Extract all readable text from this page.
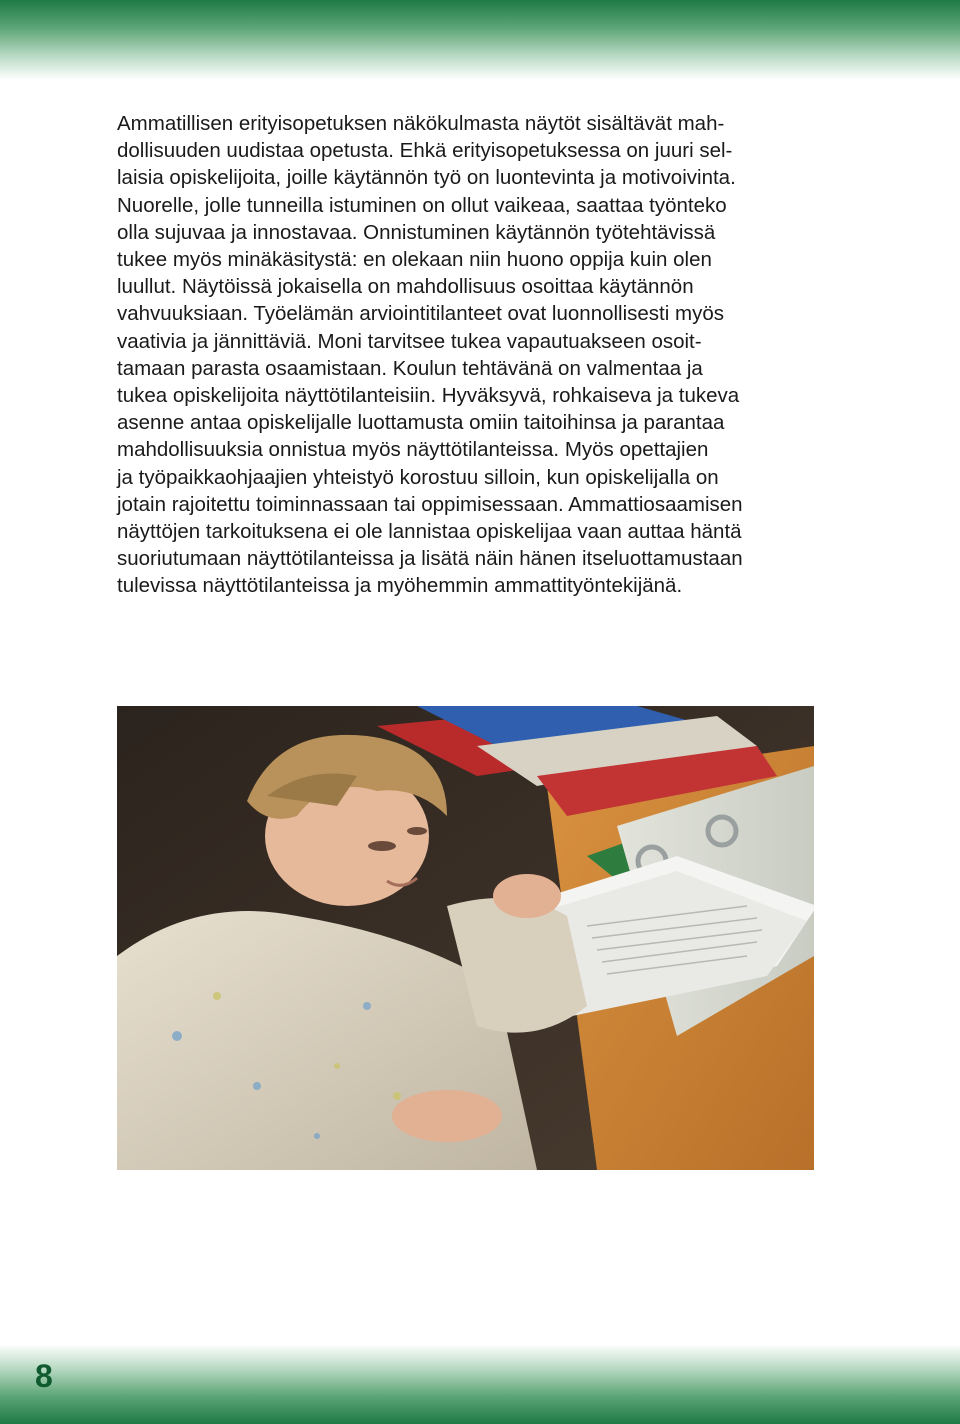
Ammatillisen erityisopetuksen näkökulmasta näytöt sisältävät mah-
dollisuuden uudistaa opetusta. Ehkä erityisopetuksessa on juuri sel-
laisia opiskelijoita, joille käytännön työ on luontevinta ja motivoivinta.
Nuorelle, jolle tunneilla istuminen on ollut vaikeaa, saattaa työnteko
olla sujuvaa ja innostavaa. Onnistuminen käytännön työtehtävissä
tukee myös minäkäsitystä: en olekaan niin huono oppija kuin olen
luullut. Näytöissä jokaisella on mahdollisuus osoittaa käytännön
vahvuuksiaan. Työelämän arviointitilanteet ovat luonnollisesti myös
vaativia ja jännittäviä. Moni tarvitsee tukea vapautuakseen osoit-
tamaan parasta osaamistaan. Koulun tehtävänä on valmentaa ja
tukea opiskelijoita näyttötilanteisiin. Hyväksyvä, rohkaiseva ja tukeva
asenne antaa opiskelijalle luottamusta omiin taitoihinsa ja parantaa
mahdollisuuksia onnistua myös näyttötilanteissa. Myös opettajien
ja työpaikkaohjaajien yhteistyö korostuu silloin, kun opiskelijalla on
jotain rajoitettu toiminnassaan tai oppimisessaan. Ammattiosaamisen
näyttöjen tarkoituksena ei ole lannistaa opiskelijaa vaan auttaa häntä
suoriutumaan näyttötilanteissa ja lisätä näin hänen itseluottamustaan
tulevissa näyttötilanteissa ja myöhemmin ammattityöntekijänä.
8
